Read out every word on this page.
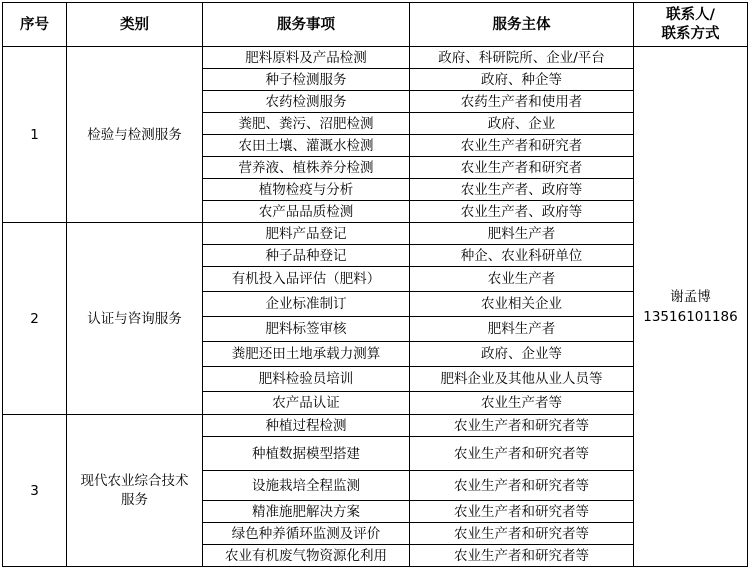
序号	类别	服务事项	服务主体	联系人/
联系方式
1	检验与检测服务	肥料原料及产品检测	政府、科研院所、企业/平台	谢孟博
13516101186
		种子检测服务	政府、种企等	
		农药检测服务	农药生产者和使用者	
		粪肥、粪污、沼肥检测	政府、企业	
		农田土壤、灌溉水检测	农业生产者和研究者	
		营养液、植株养分检测	农业生产者和研究者	
		植物检疫与分析	农业生产者、政府等	
		农产品品质检测	农业生产者、政府等	
2	认证与咨询服务	肥料产品登记	肥料生产者	
		种子品种登记	种企、农业科研单位	
		有机投入品评估（肥料）	农业生产者	
		企业标准制订	农业相关企业	
		肥料标签审核	肥料生产者	
		粪肥还田土地承载力测算	政府、企业等	
		肥料检验员培训	肥料企业及其他从业人员等	
		农产品认证	农业生产者等	
3	现代农业综合技术服务	种植过程检测	农业生产者和研究者等	
		种植数据模型搭建	农业生产者和研究者等	
		设施栽培全程监测	农业生产者和研究者等	
		精准施肥解决方案	农业生产者和研究者等	
		绿色种养循环监测及评价	农业生产者和研究者等	
		农业有机废气物资源化利用	农业生产者和研究者等	
